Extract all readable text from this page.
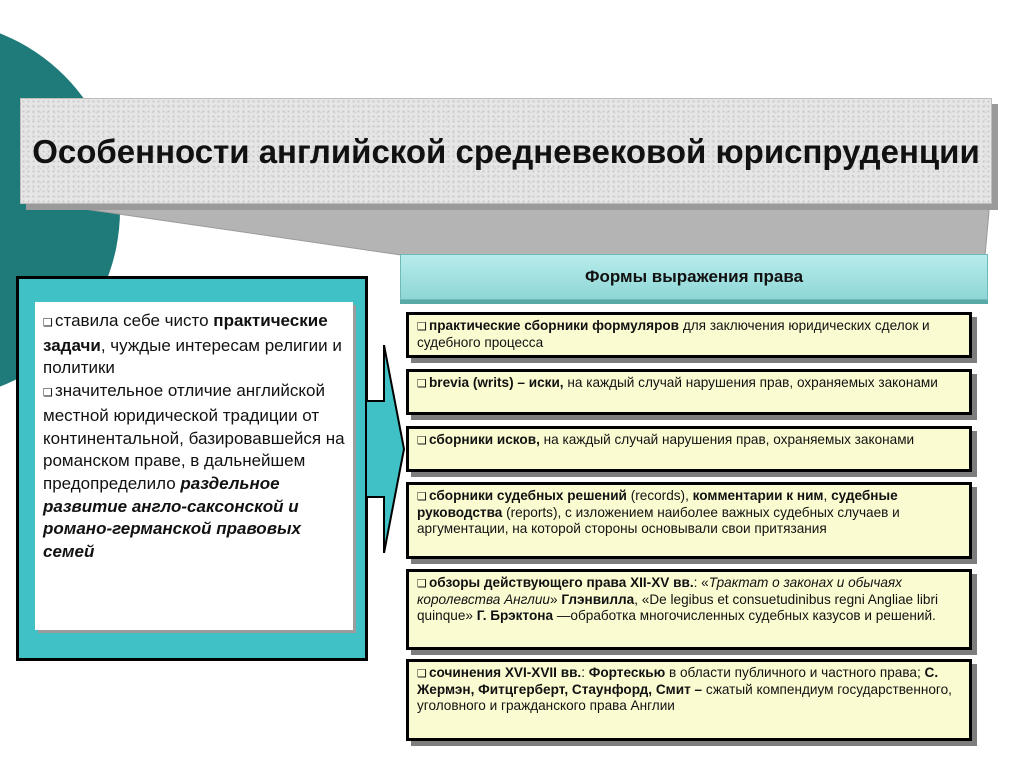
Особенности английской средневековой юриспруденции
Формы выражения права
❑ ставила себе чисто практические задачи, чуждые интересам религии и политики
❑ значительное отличие английской местной юридической традиции от континентальной, базировавшейся на романском праве, в дальнейшем предопределило раздельное развитие англо-саксонской и романо-германской правовых семей
❑ практические сборники формуляров для заключения юридических сделок и судебного процесса
❑ brevia (writs) – иски, на каждый случай нарушения прав, охраняемых законами
❑ сборники исков, на каждый случай нарушения прав, охраняемых законами
❑ сборники судебных решений (records), комментарии к ним, судебные руководства (reports), с изложением наиболее важных судебных случаев и аргументации, на которой стороны основывали свои притязания
❑ обзоры действующего права XII-XV вв.: «Трактат о законах и обычаях королевства Англии» Глэнвилла, «De legibus et consuetudinibus regni Angliae libri quinque» Г. Брэктона —обработка многочисленных судебных казусов и решений.
❑ сочинения XVI-XVII вв.: Фортескью в области публичного и частного права; С. Жермэн, Фитцгерберт, Стаунфорд, Смит – сжатый компендиум государственного, уголовного и гражданского права Англии
